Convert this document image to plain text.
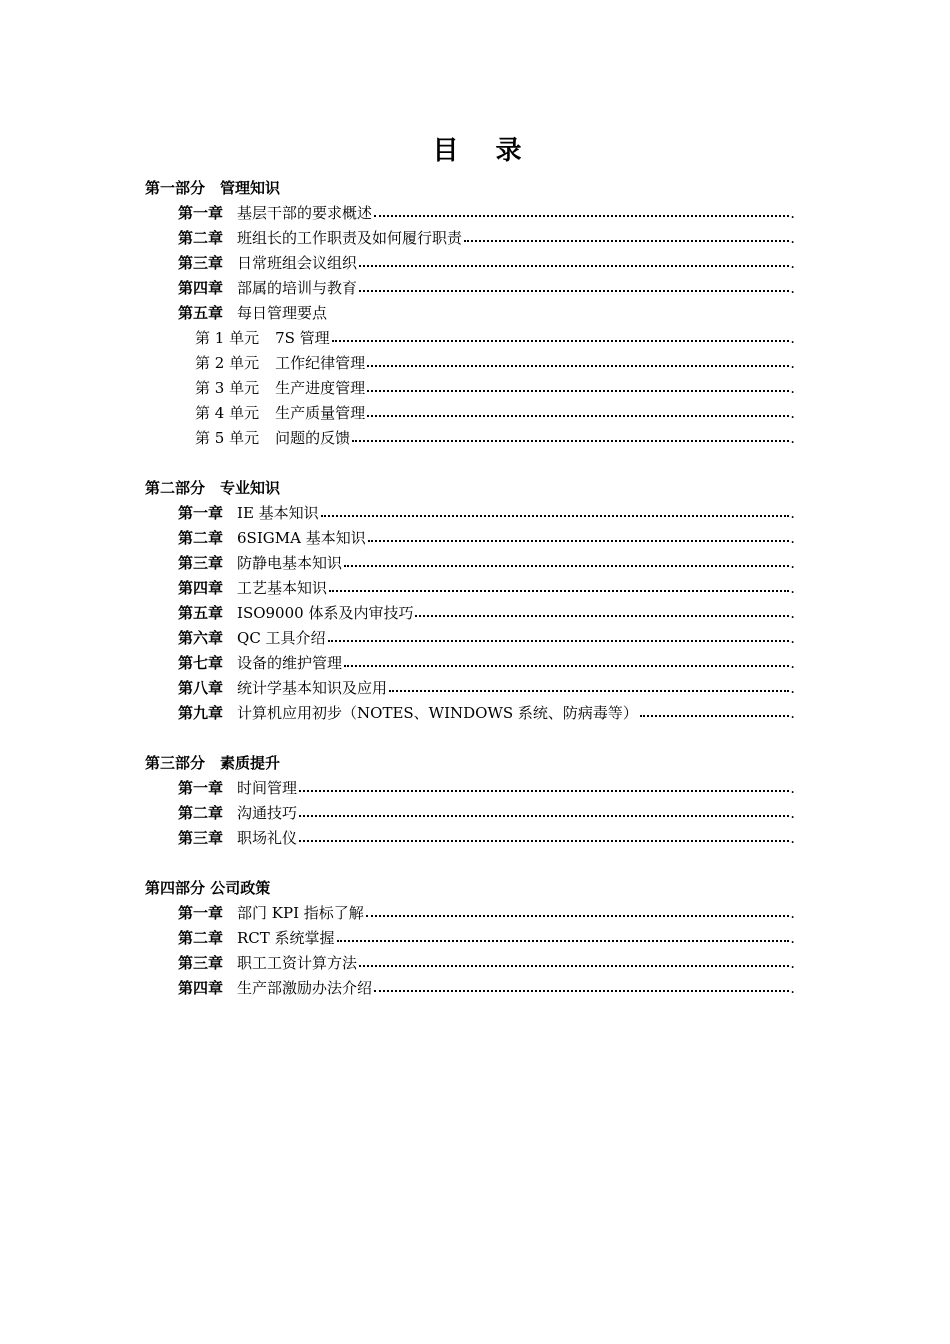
目 录
第一部分　管理知识
第一章 基层干部的要求概述	.
第二章 班组长的工作职责及如何履行职责	.
第三章 日常班组会议组织	.
第四章 部属的培训与教育	.
第五章 每日管理要点
第 1 单元 7S 管理	.
第 2 单元 工作纪律管理	.
第 3 单元 生产进度管理	.
第 4 单元 生产质量管理	.
第 5 单元 问题的反馈	.
第二部分　专业知识
第一章 IE 基本知识	.
第二章 6SIGMA 基本知识	.
第三章 防静电基本知识	.
第四章 工艺基本知识	.
第五章 ISO9000 体系及内审技巧	.
第六章 QC 工具介绍	.
第七章 设备的维护管理	.
第八章 统计学基本知识及应用	.
第九章 计算机应用初步（NOTES、WINDOWS 系统、防病毒等）	.
第三部分　素质提升
第一章 时间管理	.
第二章 沟通技巧	.
第三章 职场礼仪	.
第四部分 公司政策
第一章 部门 KPI 指标了解	.
第二章 RCT 系统掌握	.
第三章 职工工资计算方法	.
第四章 生产部激励办法介绍	.
